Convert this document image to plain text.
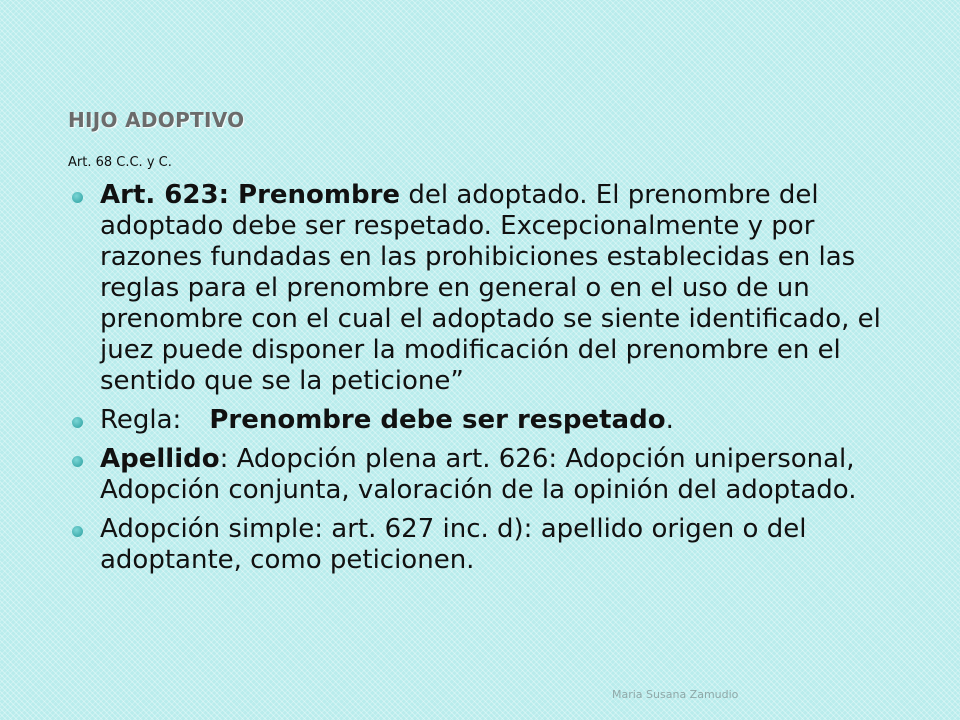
HIJO ADOPTIVO
Art. 68 C.C. y C.
Art. 623: Prenombre del adoptado. El prenombre del adoptado debe ser respetado. Excepcionalmente y por razones fundadas en las prohibiciones establecidas en las reglas para el prenombre en general o en el uso de un prenombre con el cual el adoptado se siente identificado, el juez puede disponer la modificación del prenombre en el sentido que se la peticione”
Regla: Prenombre debe ser respetado.
Apellido: Adopción plena art. 626: Adopción unipersonal, Adopción conjunta, valoración de la opinión del adoptado.
Adopción simple: art. 627 inc. d): apellido origen o del adoptante, como peticionen.
Maria Susana Zamudio
